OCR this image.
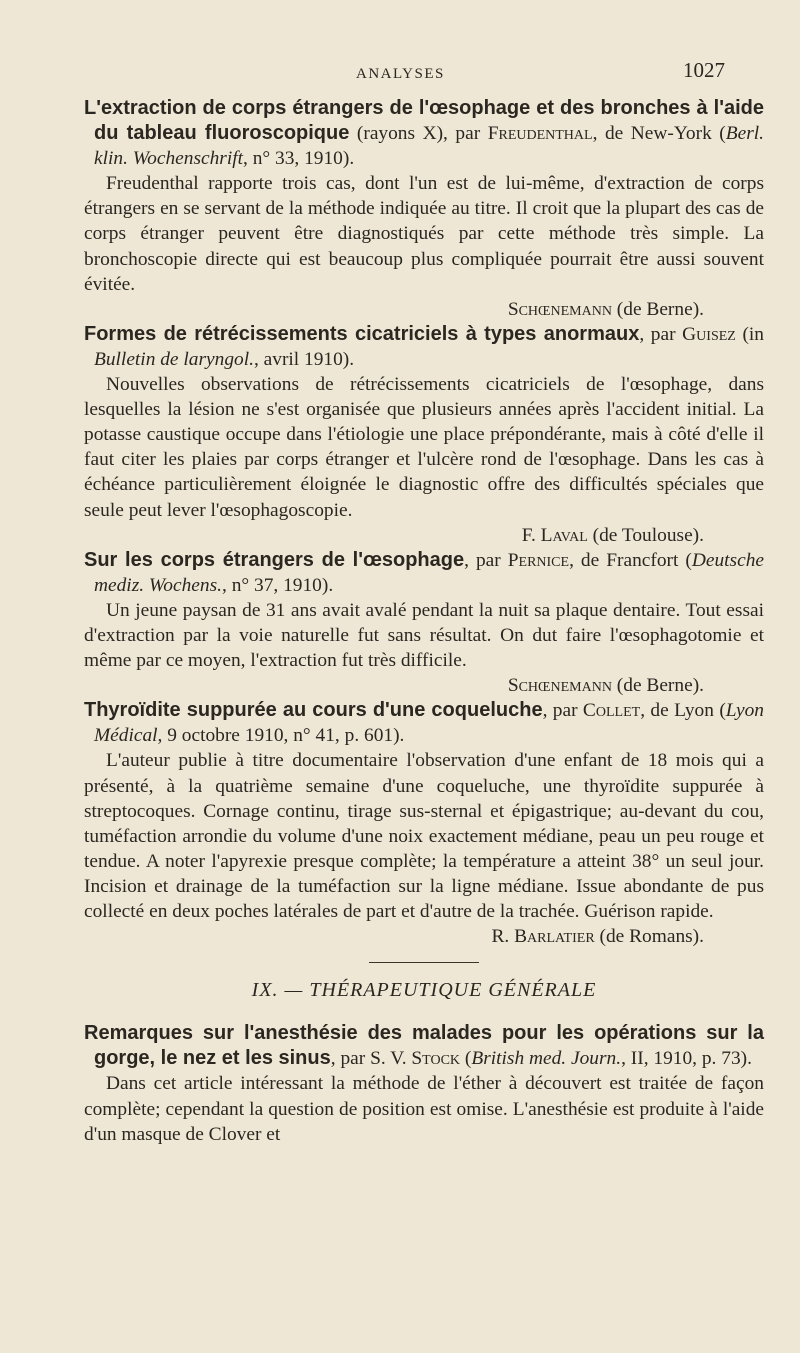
ANALYSES	1027

L'extraction de corps étrangers de l'œsophage et des bronches à l'aide du tableau fluoroscopique (rayons X), par Freudenthal, de New-York (Berl. klin. Wochenschrift, n° 33, 1910).

Freudenthal rapporte trois cas, dont l'un est de lui-même, d'extraction de corps étrangers en se servant de la méthode indiquée au titre. Il croit que la plupart des cas de corps étranger peuvent être diagnostiqués par cette méthode très simple. La bronchoscopie directe qui est beaucoup plus compliquée pourrait être aussi souvent évitée.

Schœnemann (de Berne).

Formes de rétrécissements cicatriciels à types anormaux, par Guisez (in Bulletin de laryngol., avril 1910).

Nouvelles observations de rétrécissements cicatriciels de l'œsophage, dans lesquelles la lésion ne s'est organisée que plusieurs années après l'accident initial. La potasse caustique occupe dans l'étiologie une place prépondérante, mais à côté d'elle il faut citer les plaies par corps étranger et l'ulcère rond de l'œsophage. Dans les cas à échéance particulièrement éloignée le diagnostic offre des difficultés spéciales que seule peut lever l'œsophagoscopie.

F. Laval (de Toulouse).

Sur les corps étrangers de l'œsophage, par Pernice, de Francfort (Deutsche mediz. Wochens., n° 37, 1910).

Un jeune paysan de 31 ans avait avalé pendant la nuit sa plaque dentaire. Tout essai d'extraction par la voie naturelle fut sans résultat. On dut faire l'œsophagotomie et même par ce moyen, l'extraction fut très difficile.

Schœnemann (de Berne).

Thyroïdite suppurée au cours d'une coqueluche, par Collet, de Lyon (Lyon Médical, 9 octobre 1910, n° 41, p. 601).

L'auteur publie à titre documentaire l'observation d'une enfant de 18 mois qui a présenté, à la quatrième semaine d'une coqueluche, une thyroïdite suppurée à streptocoques. Cornage continu, tirage sus-sternal et épigastrique; au-devant du cou, tuméfaction arrondie du volume d'une noix exactement médiane, peau un peu rouge et tendue. A noter l'apyrexie presque complète; la température a atteint 38° un seul jour. Incision et drainage de la tuméfaction sur la ligne médiane. Issue abondante de pus collecté en deux poches latérales de part et d'autre de la trachée. Guérison rapide.

R. Barlatier (de Romans).

IX. — THÉRAPEUTIQUE GÉNÉRALE

Remarques sur l'anesthésie des malades pour les opérations sur la gorge, le nez et les sinus, par S. V. Stock (British med. Journ., II, 1910, p. 73).

Dans cet article intéressant la méthode de l'éther à découvert est traitée de façon complète; cependant la question de position est omise. L'anesthésie est produite à l'aide d'un masque de Clover et
